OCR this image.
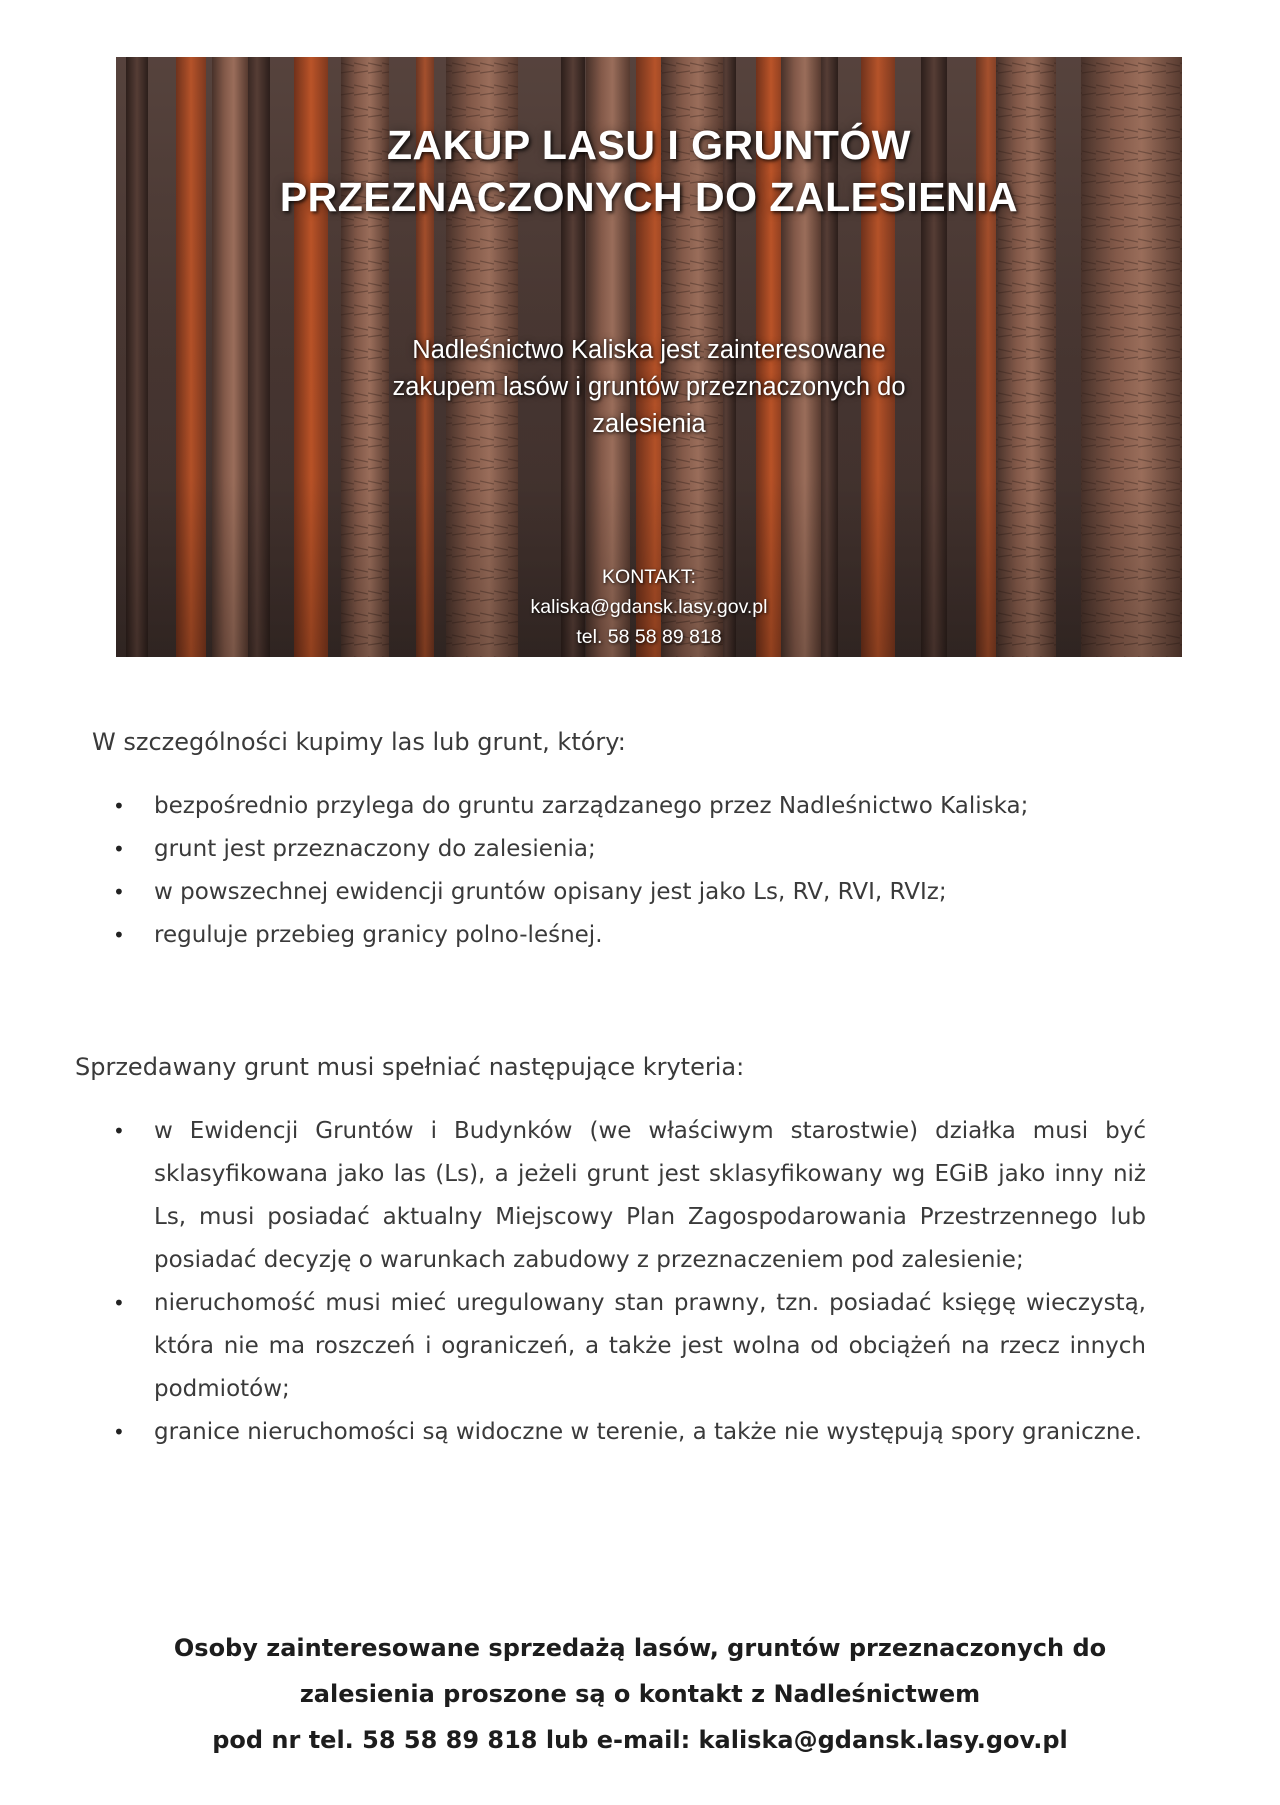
ZAKUP LASU I GRUNTÓW
PRZEZNACZONYCH DO ZALESIENIA
Nadleśnictwo Kaliska jest zainteresowane
zakupem lasów i gruntów przeznaczonych do
zalesienia
KONTAKT:
kaliska@gdansk.lasy.gov.pl
tel. 58 58 89 818
W szczególności kupimy las lub grunt, który:
• bezpośrednio przylega do gruntu zarządzanego przez Nadleśnictwo Kaliska;
• grunt jest przeznaczony do zalesienia;
• w powszechnej ewidencji gruntów opisany jest jako Ls, RV, RVI, RVIz;
• reguluje przebieg granicy polno-leśnej.
Sprzedawany grunt musi spełniać następujące kryteria:
• w Ewidencji Gruntów i Budynków (we właściwym starostwie) działka musi być sklasyfikowana jako las (Ls), a jeżeli grunt jest sklasyfikowany wg EGiB jako inny niż Ls, musi posiadać aktualny Miejscowy Plan Zagospodarowania Przestrzennego lub posiadać decyzję o warunkach zabudowy z przeznaczeniem pod zalesienie;
• nieruchomość musi mieć uregulowany stan prawny, tzn. posiadać księgę wieczystą, która nie ma roszczeń i ograniczeń, a także jest wolna od obciążeń na rzecz innych podmiotów;
• granice nieruchomości są widoczne w terenie, a także nie występują spory graniczne.
Osoby zainteresowane sprzedażą lasów, gruntów przeznaczonych do
zalesienia proszone są o kontakt z Nadleśnictwem
pod nr tel. 58 58 89 818 lub e-mail: kaliska@gdansk.lasy.gov.pl
